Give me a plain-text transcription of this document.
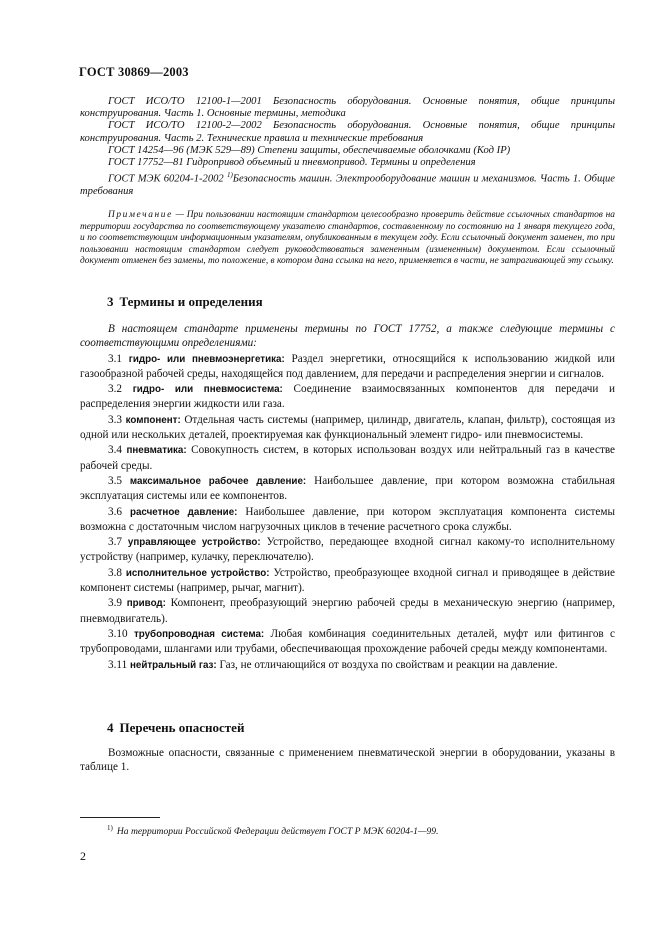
ГОСТ 30869—2003

ГОСТ ИСО/ТО 12100-1—2001 Безопасность оборудования. Основные понятия, общие принципы конструирования. Часть 1. Основные термины, методика

ГОСТ ИСО/ТО 12100-2—2002 Безопасность оборудования. Основные понятия, общие принципы конструирования. Часть 2. Технические правила и технические требования

ГОСТ 14254—96 (МЭК 529—89) Степени защиты, обеспечиваемые оболочками (Код IP)

ГОСТ 17752—81 Гидропривод объемный и пневмопривод. Термины и определения

ГОСТ МЭК 60204-1-2002 $^{1)}$Безопасность машин. Электрооборудование машин и механизмов. Часть 1. Общие требования

Примечание — При пользовании настоящим стандартом целесообразно проверить действие ссылочных стандартов на территории государства по соответствующему указателю стандартов, составленному по состоянию на 1 января текущего года, и по соответствующим информационным указателям, опубликованным в текущем году. Если ссылочный документ заменен, то при пользовании настоящим стандартом следует руководствоваться замененным (измененным) документом. Если ссылочный документ отменен без замены, то положение, в котором дана ссылка на него, применяется в части, не затрагивающей эту ссылку.

3 Термины и определения

В настоящем стандарте применены термины по ГОСТ 17752, а также следующие термины с соответствующими определениями:

3.1 гидро- или пневмоэнергетика: Раздел энергетики, относящийся к использованию жидкой или газообразной рабочей среды, находящейся под давлением, для передачи и распределения энергии и сигналов.

3.2 гидро- или пневмосистема: Соединение взаимосвязанных компонентов для передачи и распределения энергии жидкости или газа.

3.3 компонент: Отдельная часть системы (например, цилиндр, двигатель, клапан, фильтр), состоящая из одной или нескольких деталей, проектируемая как функциональный элемент гидро- или пневмосистемы.

3.4 пневматика: Совокупность систем, в которых использован воздух или нейтральный газ в качестве рабочей среды.

3.5 максимальное рабочее давление: Наибольшее давление, при котором возможна стабильная эксплуатация системы или ее компонентов.

3.6 расчетное давление: Наибольшее давление, при котором эксплуатация компонента системы возможна с достаточным числом нагрузочных циклов в течение расчетного срока службы.

3.7 управляющее устройство: Устройство, передающее входной сигнал какому-то исполнительному устройству (например, кулачку, переключателю).

3.8 исполнительное устройство: Устройство, преобразующее входной сигнал и приводящее в действие компонент системы (например, рычаг, магнит).

3.9 привод: Компонент, преобразующий энергию рабочей среды в механическую энергию (например, пневмодвигатель).

3.10 трубопроводная система: Любая комбинация соединительных деталей, муфт или фитингов с трубопроводами, шлангами или трубами, обеспечивающая прохождение рабочей среды между компонентами.

3.11 нейтральный газ: Газ, не отличающийся от воздуха по свойствам и реакции на давление.

4 Перечень опасностей

Возможные опасности, связанные с применением пневматической энергии в оборудовании, указаны в таблице 1.

$^{1)}$ На территории Российской Федерации действует ГОСТ Р МЭК 60204-1—99.
2
